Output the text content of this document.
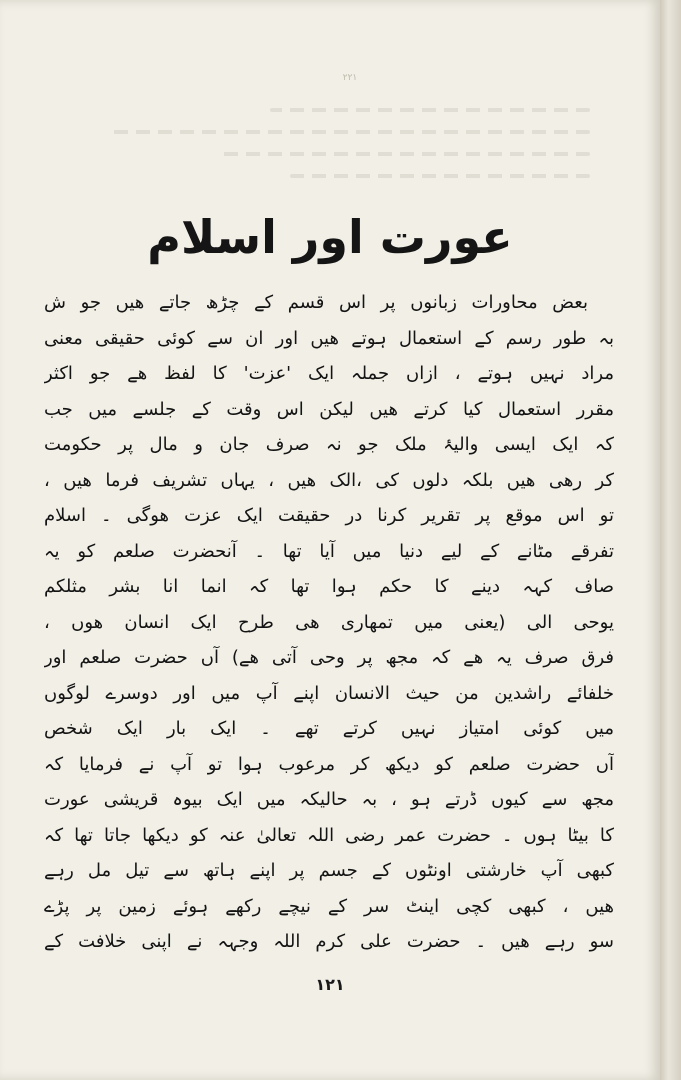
۲۲۱
عورت اور اسلام
بعض محاورات زبانوں پر اس قسم کے چڑھ جاتے ھیں جو ش
بہ طور رسم کے استعمال ہوتے ھیں اور ان سے کوئی حقیقی معنی
مراد نہیں ہوتے ، ازاں جملہ ایک 'عزت' کا لفظ ھے جو اکثر
مقرر استعمال کیا کرتے ھیں لیکن اس وقت کے جلسے میں جب
کہ ایک ایسی والیۂ ملک جو نہ صرف جان و مال پر حکومت
کر رھی ھیں بلکہ دلوں کی ،الک ھیں ، یہاں تشریف فرما ھیں ،
تو اس موقع پر تقریر کرنا در حقیقت ایک عزت ھوگی ۔ اسلام
تفرقے مٹانے کے لیے دنیا میں آیا تھا ۔ آنحضرت صلعم کو یہ
صاف کہہ دینے کا حکم ہوا تھا کہ انما انا بشر مثلکم
یوحی الی (یعنی میں تمھاری ھی طرح ایک انسان ھوں ،
فرق صرف یہ ھے کہ مجھ پر وحی آتی ھے) آں حضرت صلعم اور
خلفائے راشدین من حیث الانسان اپنے آپ میں اور دوسرے لوگوں
میں کوئی امتیاز نہیں کرتے تھے ۔ ایک بار ایک شخص
آں حضرت صلعم کو دیکھ کر مرعوب ہوا تو آپ نے فرمایا کہ
مجھ سے کیوں ڈرتے ہو ، بہ حالیکہ میں ایک بیوہ قریشی عورت
کا بیٹا ہوں ۔ حضرت عمر رضی اللہ تعالیٰ عنہ کو دیکھا جاتا تھا کہ
کبھی آپ خارشتی اونٹوں کے جسم پر اپنے ہاتھ سے تیل مل رہے
ھیں ، کبھی کچی اینٹ سر کے نیچے رکھے ہوئے زمین پر پڑے
سو رہے ھیں ۔ حضرت علی کرم اللہ وجہہ نے اپنی خلافت کے
۱۲۱
